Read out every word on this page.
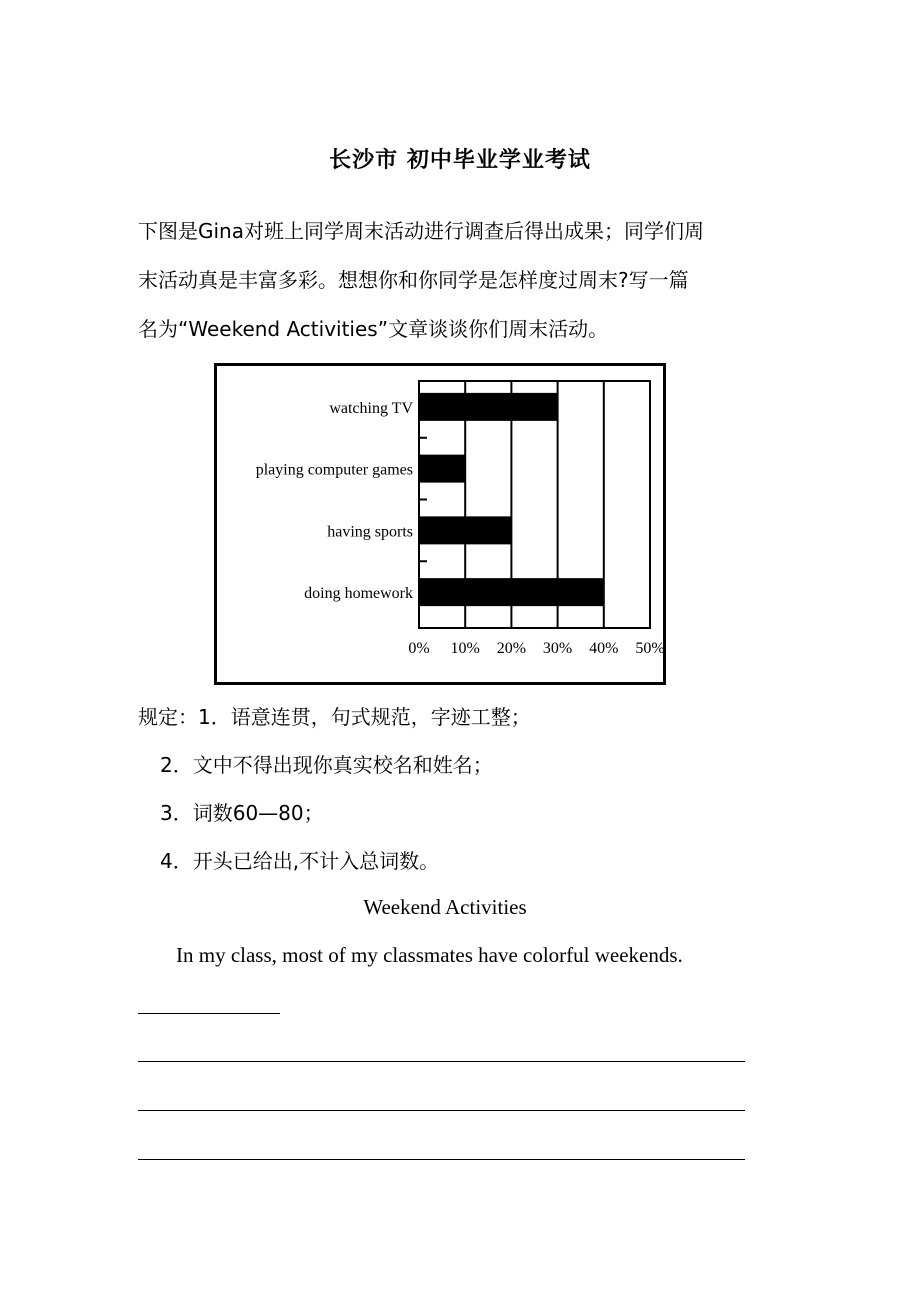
长沙市 初中毕业学业考试
下图是Gina对班上同学周末活动进行调查后得出成果；同学们周
末活动真是丰富多彩。想想你和你同学是怎样度过周末?写一篇
名为“Weekend Activities”文章谈谈你们周末活动。
watching TV
playing computer games
having sports
doing homework
0% 10% 20% 30% 40% 50%
规定：1．语意连贯，句式规范，字迹工整；
2．文中不得出现你真实校名和姓名；
3．词数60—80；
4．开头已给出,不计入总词数。
Weekend Activities
In my class, most of my classmates have colorful weekends.
